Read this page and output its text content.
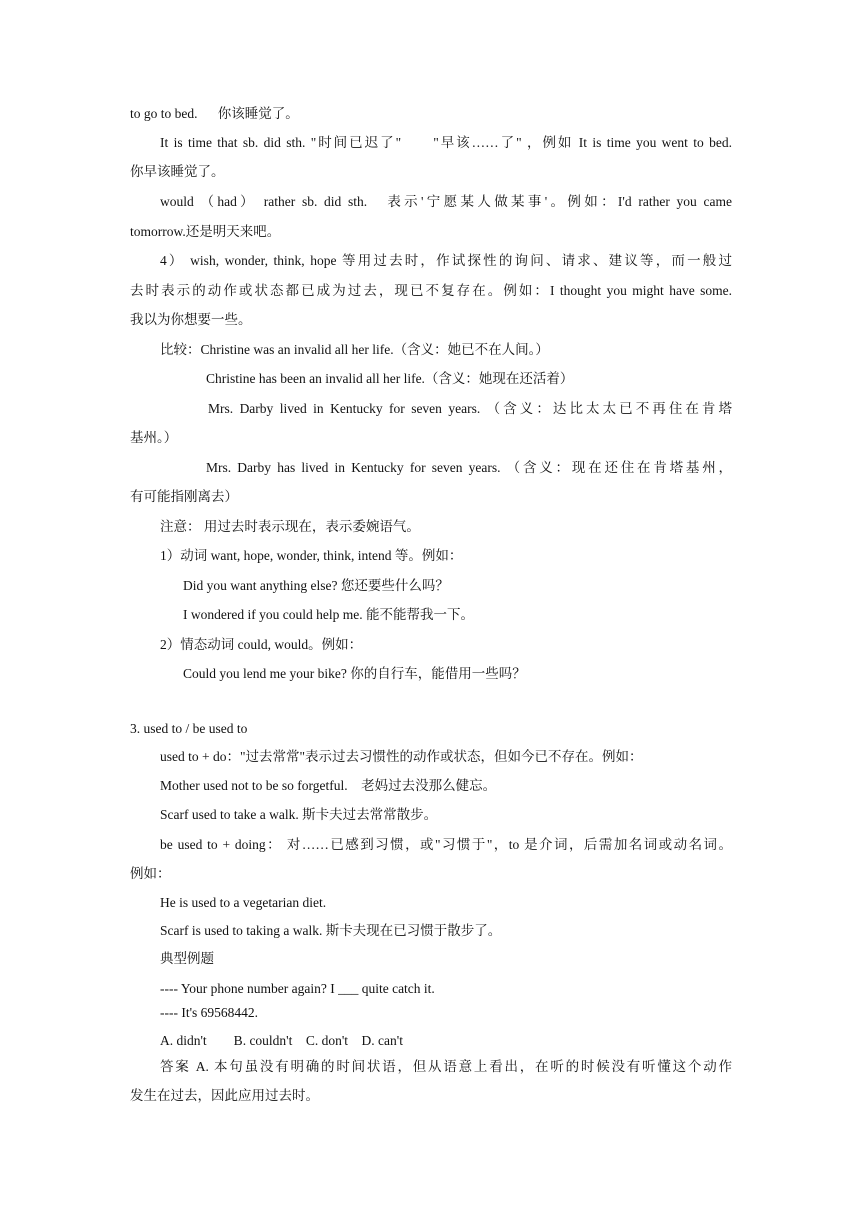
to go to bed.      你该睡觉了。
It is time that sb. did sth. "时间已迟了"      "早该……了" ，例如 It is time you went to bed.
你早该睡觉了。
would （had） rather sb. did sth.   表示'宁愿某人做某事'。例如：I'd rather you came
tomorrow.还是明天来吧。
4） wish, wonder, think, hope 等用过去时，作试探性的询问、请求、建议等，而一般过
去时表示的动作或状态都已成为过去，现已不复存在。例如：I thought you might have some.
我以为你想要一些。
比较：Christine was an invalid all her life.（含义：她已不在人间。）
Christine has been an invalid all her life.（含义：她现在还活着）
Mrs. Darby lived in Kentucky for seven years. （含义：达比太太已不再住在肯塔
基州。）
Mrs. Darby has lived in Kentucky for seven years. （含义：现在还住在肯塔基州，
有可能指刚离去）
注意： 用过去时表示现在，表示委婉语气。
1）动词 want, hope, wonder, think, intend 等。例如：
Did you want anything else? 您还要些什么吗？
I wondered if you could help me. 能不能帮我一下。
2）情态动词 could, would。例如：
Could you lend me your bike? 你的自行车，能借用一些吗？
3. used to / be used to
used to + do："过去常常"表示过去习惯性的动作或状态，但如今已不存在。例如：
Mother used not to be so forgetful.    老妈过去没那么健忘。
Scarf used to take a walk. 斯卡夫过去常常散步。
be used to + doing： 对……已感到习惯，或"习惯于"，to 是介词，后需加名词或动名词。
例如：
He is used to a vegetarian diet.
Scarf is used to taking a walk. 斯卡夫现在已习惯于散步了。
典型例题
---- Your phone number again? I ___ quite catch it.
---- It's 69568442.
A. didn't        B. couldn't    C. don't    D. can't
答案 A. 本句虽没有明确的时间状语，但从语意上看出，在听的时候没有听懂这个动作
发生在过去，因此应用过去时。
